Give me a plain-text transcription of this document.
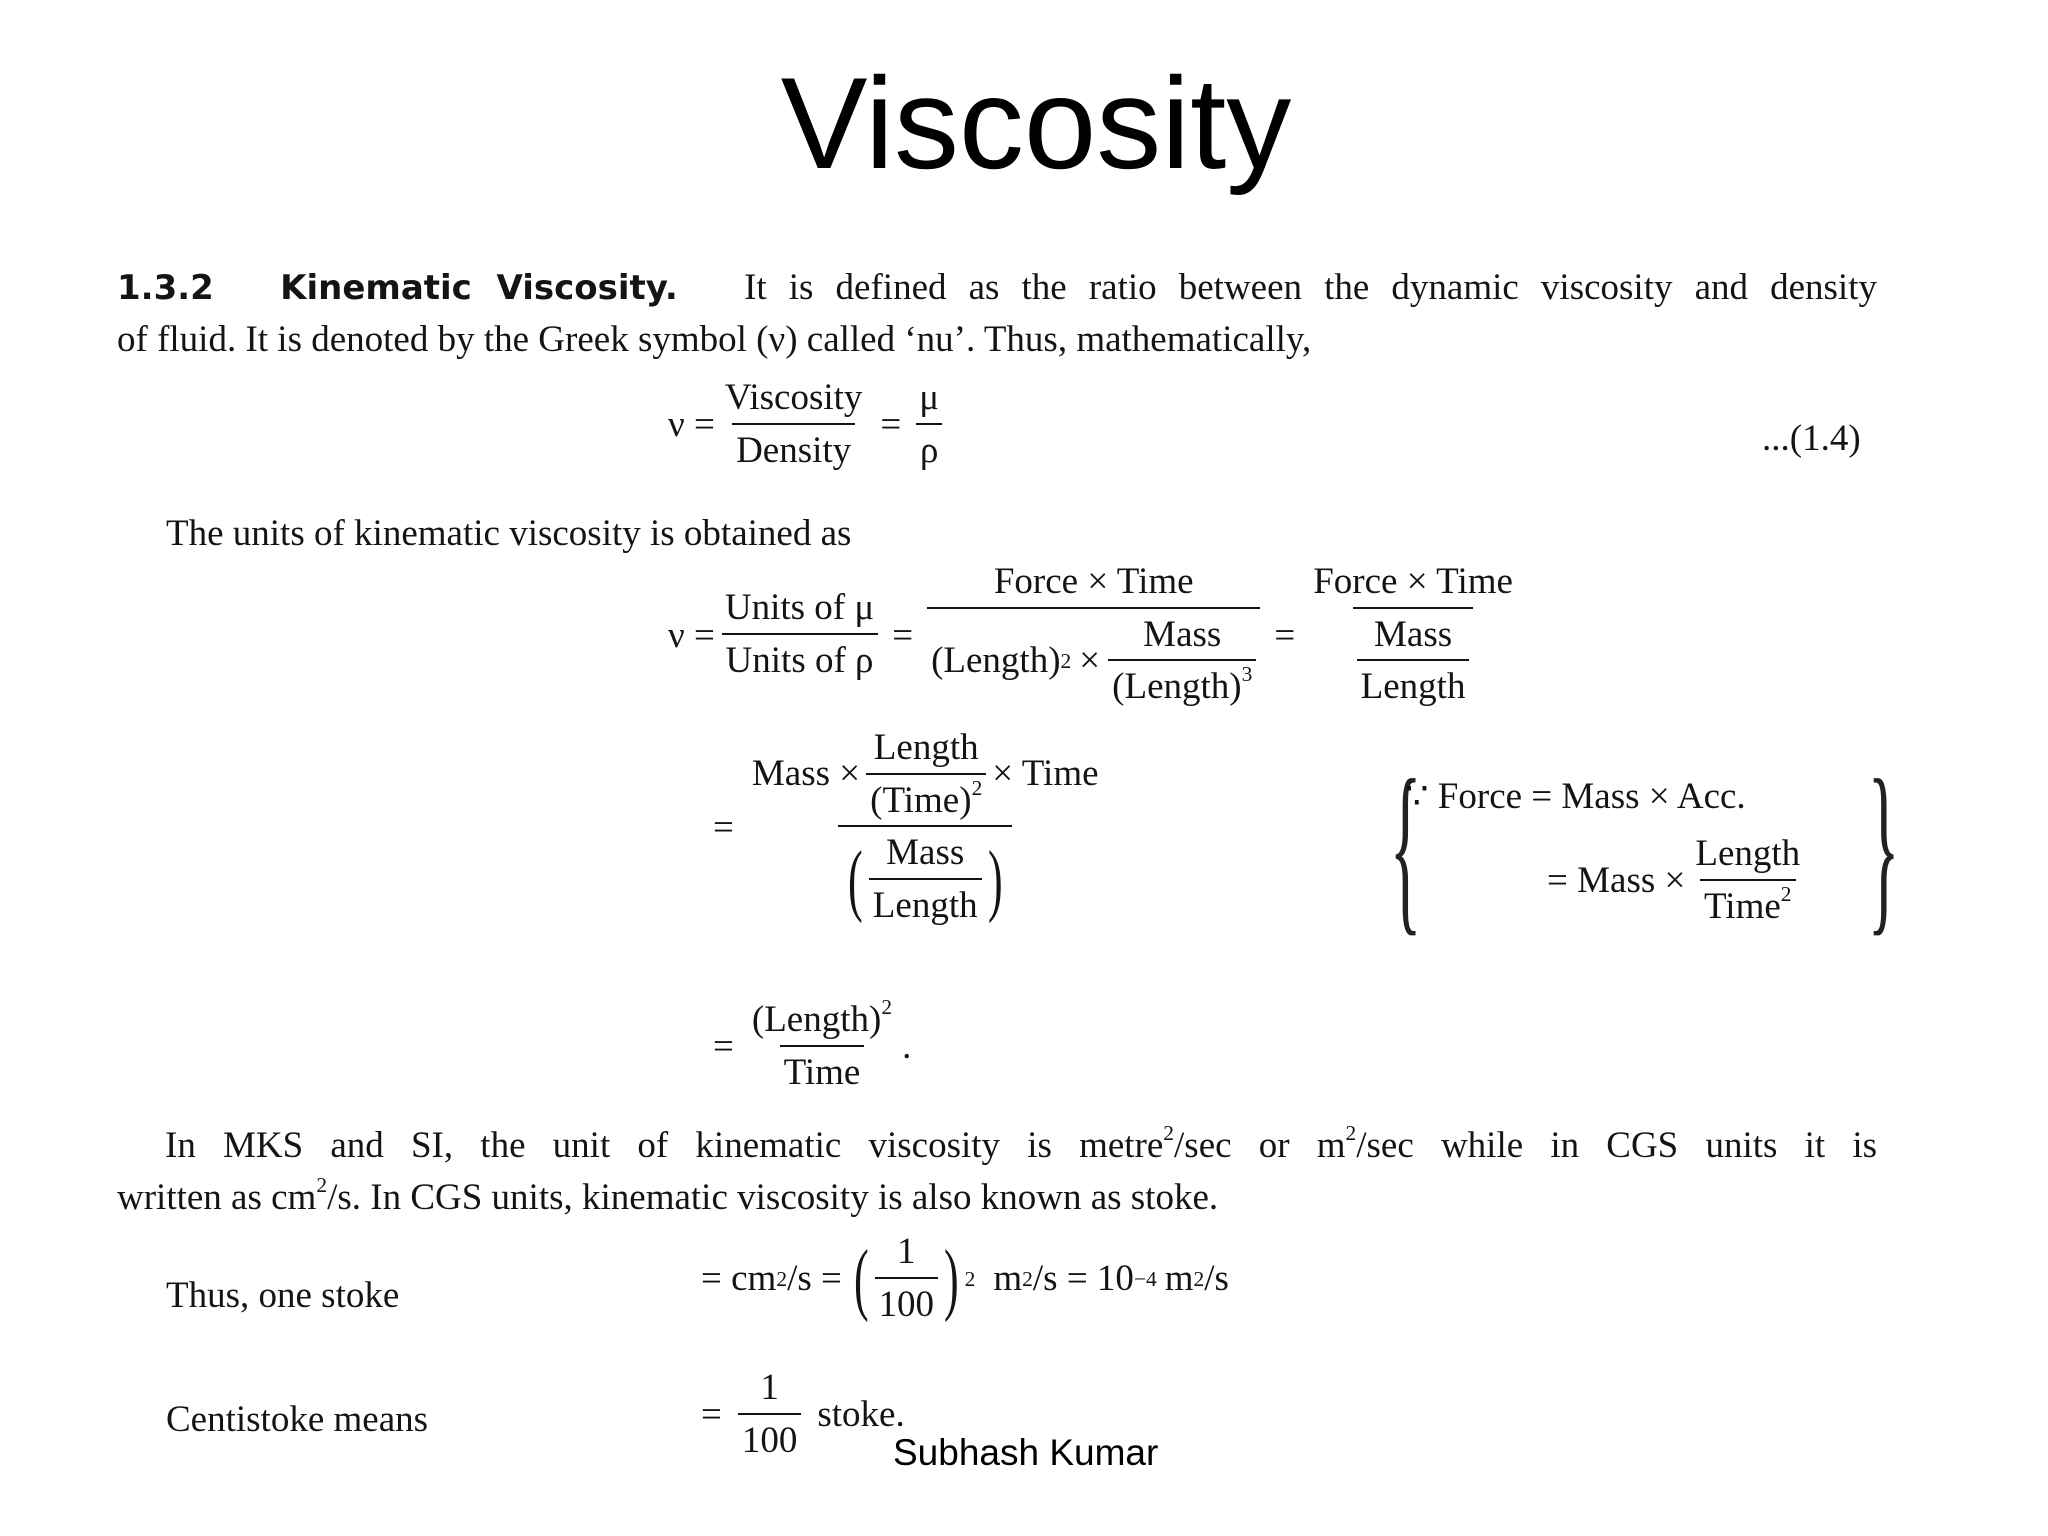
Viscosity
1.3.2 Kinematic Viscosity. It is defined as the ratio between the dynamic viscosity and density
of fluid. It is denoted by the Greek symbol (ν) called ‘nu’. Thus, mathematically,
$\nu = \frac{\text{Viscosity}}{\text{Density}} = \frac{\mu}{\rho}$	...(1.4)
The units of kinematic viscosity is obtained as
$\nu = \frac{\text{Units of μ}}{\text{Units of ρ}} = \frac{\text{Force × Time}}{(Length) 2 \times \frac{\text{Mass}}{(Length)^3}} = \frac{\text{Force × Time}}{\frac{\text{Mass}}{\text{Length}}}$
=
Mass × $\frac{\text{Length}}{(Time)^2}$ × Time
( $\frac{\text{Mass}}{\text{Length}}$ ) { }
∵ Force = Mass × Acc.
= Mass × $\frac{\text{Length}}{Time^2}$
= $\frac{(Length)^2}{\text{Time}}$ .
In MKS and SI, the unit of kinematic viscosity is metre$^2$/sec or $m^2/\sec$ while in CGS units it is
written as $cm^2/s$. In CGS units, kinematic viscosity is also known as stoke.
Thus, one stoke	= cm 2 /s = ( $\frac{1}{100}$ ) 2 m 2 /s = 10 −4 m 2 /s
Centistoke means	= $\frac{1}{100}$ stoke.
Subhash Kumar
